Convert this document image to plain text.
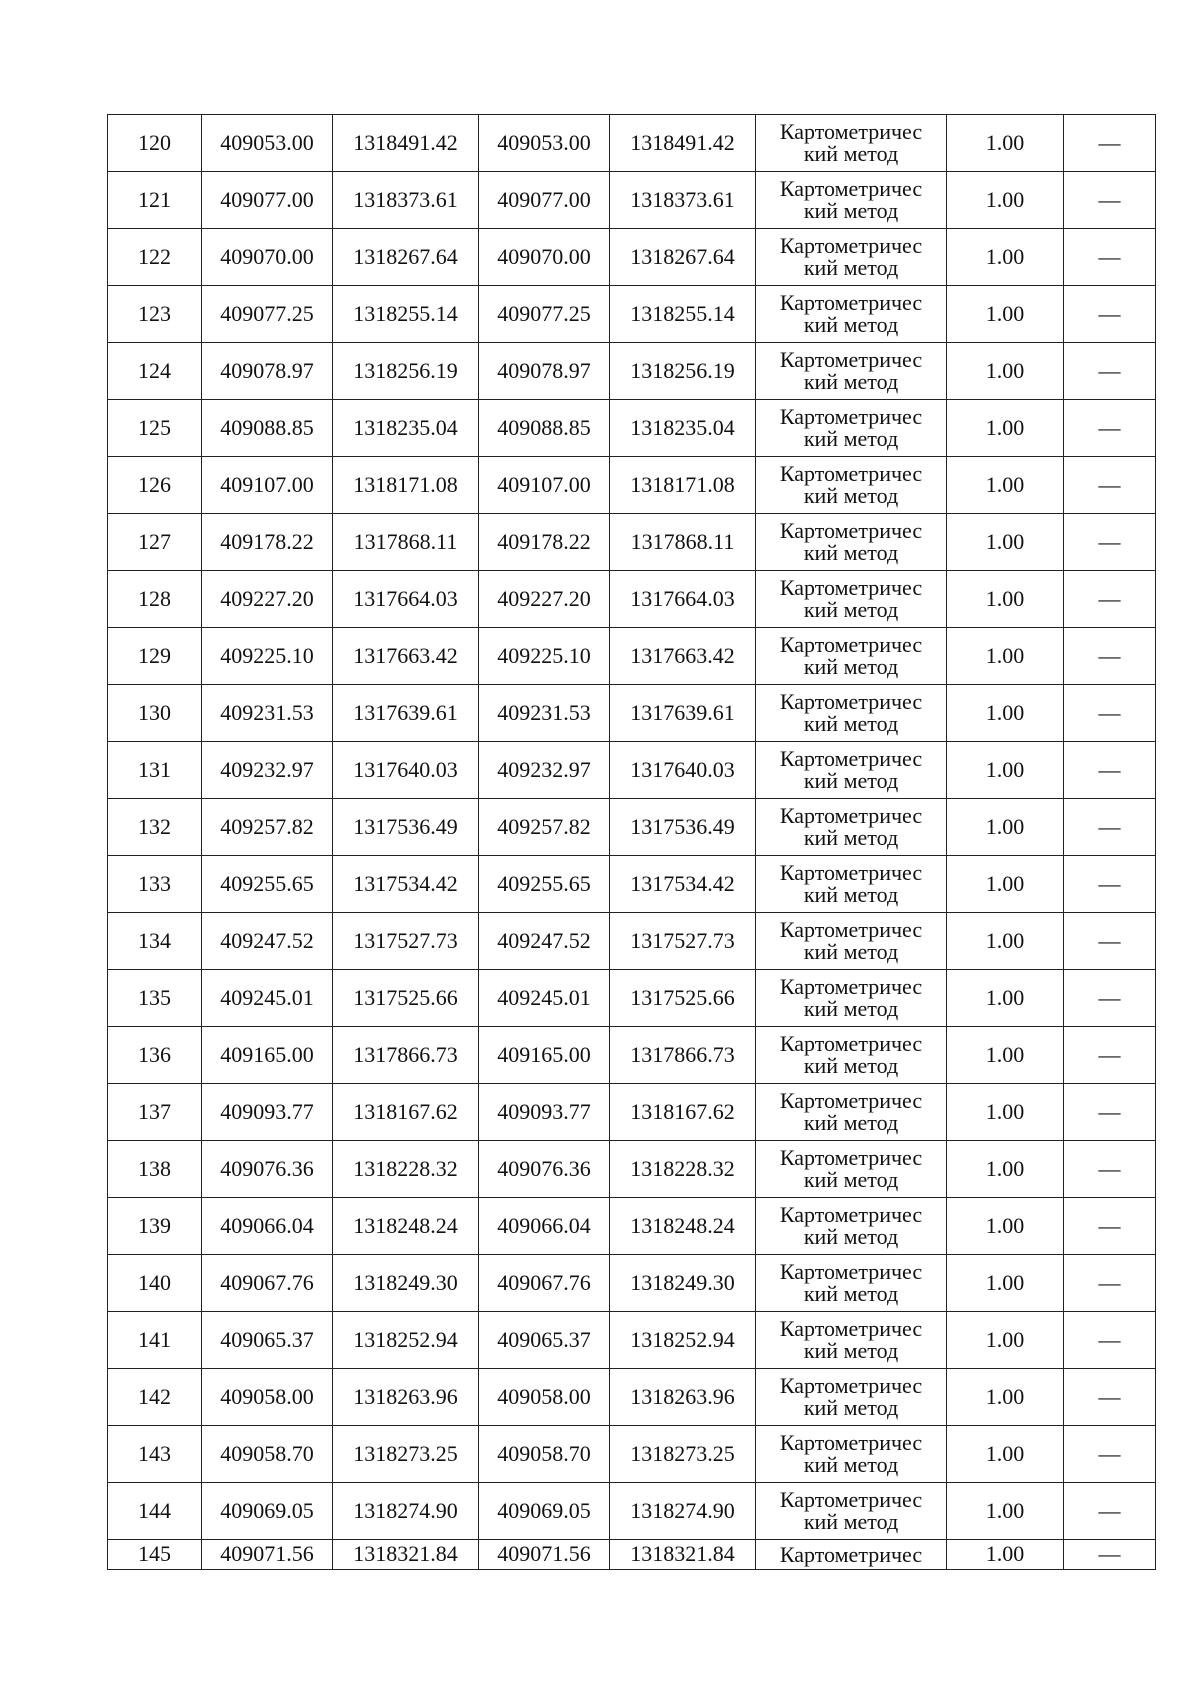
120	409053.00	1318491.42	409053.00	1318491.42	Картометричес
кий метод	1.00	—
121	409077.00	1318373.61	409077.00	1318373.61	Картометричес
кий метод	1.00	—
122	409070.00	1318267.64	409070.00	1318267.64	Картометричес
кий метод	1.00	—
123	409077.25	1318255.14	409077.25	1318255.14	Картометричес
кий метод	1.00	—
124	409078.97	1318256.19	409078.97	1318256.19	Картометричес
кий метод	1.00	—
125	409088.85	1318235.04	409088.85	1318235.04	Картометричес
кий метод	1.00	—
126	409107.00	1318171.08	409107.00	1318171.08	Картометричес
кий метод	1.00	—
127	409178.22	1317868.11	409178.22	1317868.11	Картометричес
кий метод	1.00	—
128	409227.20	1317664.03	409227.20	1317664.03	Картометричес
кий метод	1.00	—
129	409225.10	1317663.42	409225.10	1317663.42	Картометричес
кий метод	1.00	—
130	409231.53	1317639.61	409231.53	1317639.61	Картометричес
кий метод	1.00	—
131	409232.97	1317640.03	409232.97	1317640.03	Картометричес
кий метод	1.00	—
132	409257.82	1317536.49	409257.82	1317536.49	Картометричес
кий метод	1.00	—
133	409255.65	1317534.42	409255.65	1317534.42	Картометричес
кий метод	1.00	—
134	409247.52	1317527.73	409247.52	1317527.73	Картометричес
кий метод	1.00	—
135	409245.01	1317525.66	409245.01	1317525.66	Картометричес
кий метод	1.00	—
136	409165.00	1317866.73	409165.00	1317866.73	Картометричес
кий метод	1.00	—
137	409093.77	1318167.62	409093.77	1318167.62	Картометричес
кий метод	1.00	—
138	409076.36	1318228.32	409076.36	1318228.32	Картометричес
кий метод	1.00	—
139	409066.04	1318248.24	409066.04	1318248.24	Картометричес
кий метод	1.00	—
140	409067.76	1318249.30	409067.76	1318249.30	Картометричес
кий метод	1.00	—
141	409065.37	1318252.94	409065.37	1318252.94	Картометричес
кий метод	1.00	—
142	409058.00	1318263.96	409058.00	1318263.96	Картометричес
кий метод	1.00	—
143	409058.70	1318273.25	409058.70	1318273.25	Картометричес
кий метод	1.00	—
144	409069.05	1318274.90	409069.05	1318274.90	Картометричес
кий метод	1.00	—
145	409071.56	1318321.84	409071.56	1318321.84	Картометричес	1.00	—
